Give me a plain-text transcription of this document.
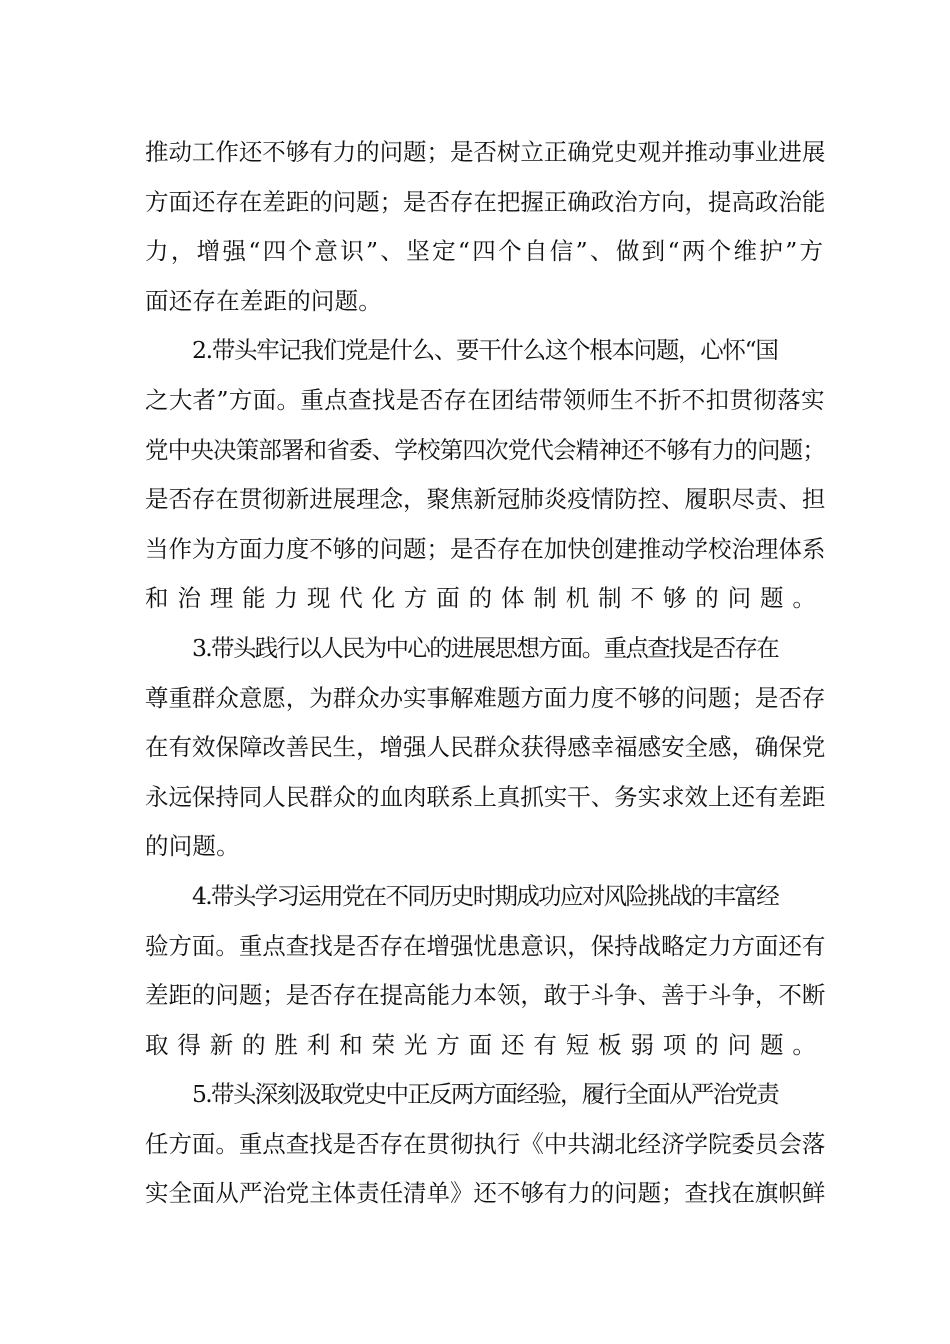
推动工作还不够有力的问题；是否树立正确党史观并推动事业进展
方面还存在差距的问题；是否存在把握正确政治方向，提高政治能
力，增强“四个意识”、坚定“四个自信”、做到“两个维护”方
面还存在差距的问题。
2.带头牢记我们党是什么、要干什么这个根本问题，心怀“国
之大者”方面。重点查找是否存在团结带领师生不折不扣贯彻落实
党中央决策部署和省委、学校第四次党代会精神还不够有力的问题；
是否存在贯彻新进展理念，聚焦新冠肺炎疫情防控、履职尽责、担
当作为方面力度不够的问题；是否存在加快创建推动学校治理体系
和治理能力现代化方面的体制机制不够的问题。
3.带头践行以人民为中心的进展思想方面。重点查找是否存在
尊重群众意愿，为群众办实事解难题方面力度不够的问题；是否存
在有效保障改善民生，增强人民群众获得感幸福感安全感，确保党
永远保持同人民群众的血肉联系上真抓实干、务实求效上还有差距
的问题。
4.带头学习运用党在不同历史时期成功应对风险挑战的丰富经
验方面。重点查找是否存在增强忧患意识，保持战略定力方面还有
差距的问题；是否存在提高能力本领，敢于斗争、善于斗争，不断
取得新的胜利和荣光方面还有短板弱项的问题。
5.带头深刻汲取党史中正反两方面经验，履行全面从严治党责
任方面。重点查找是否存在贯彻执行《中共湖北经济学院委员会落
实全面从严治党主体责任清单》还不够有力的问题；查找在旗帜鲜
